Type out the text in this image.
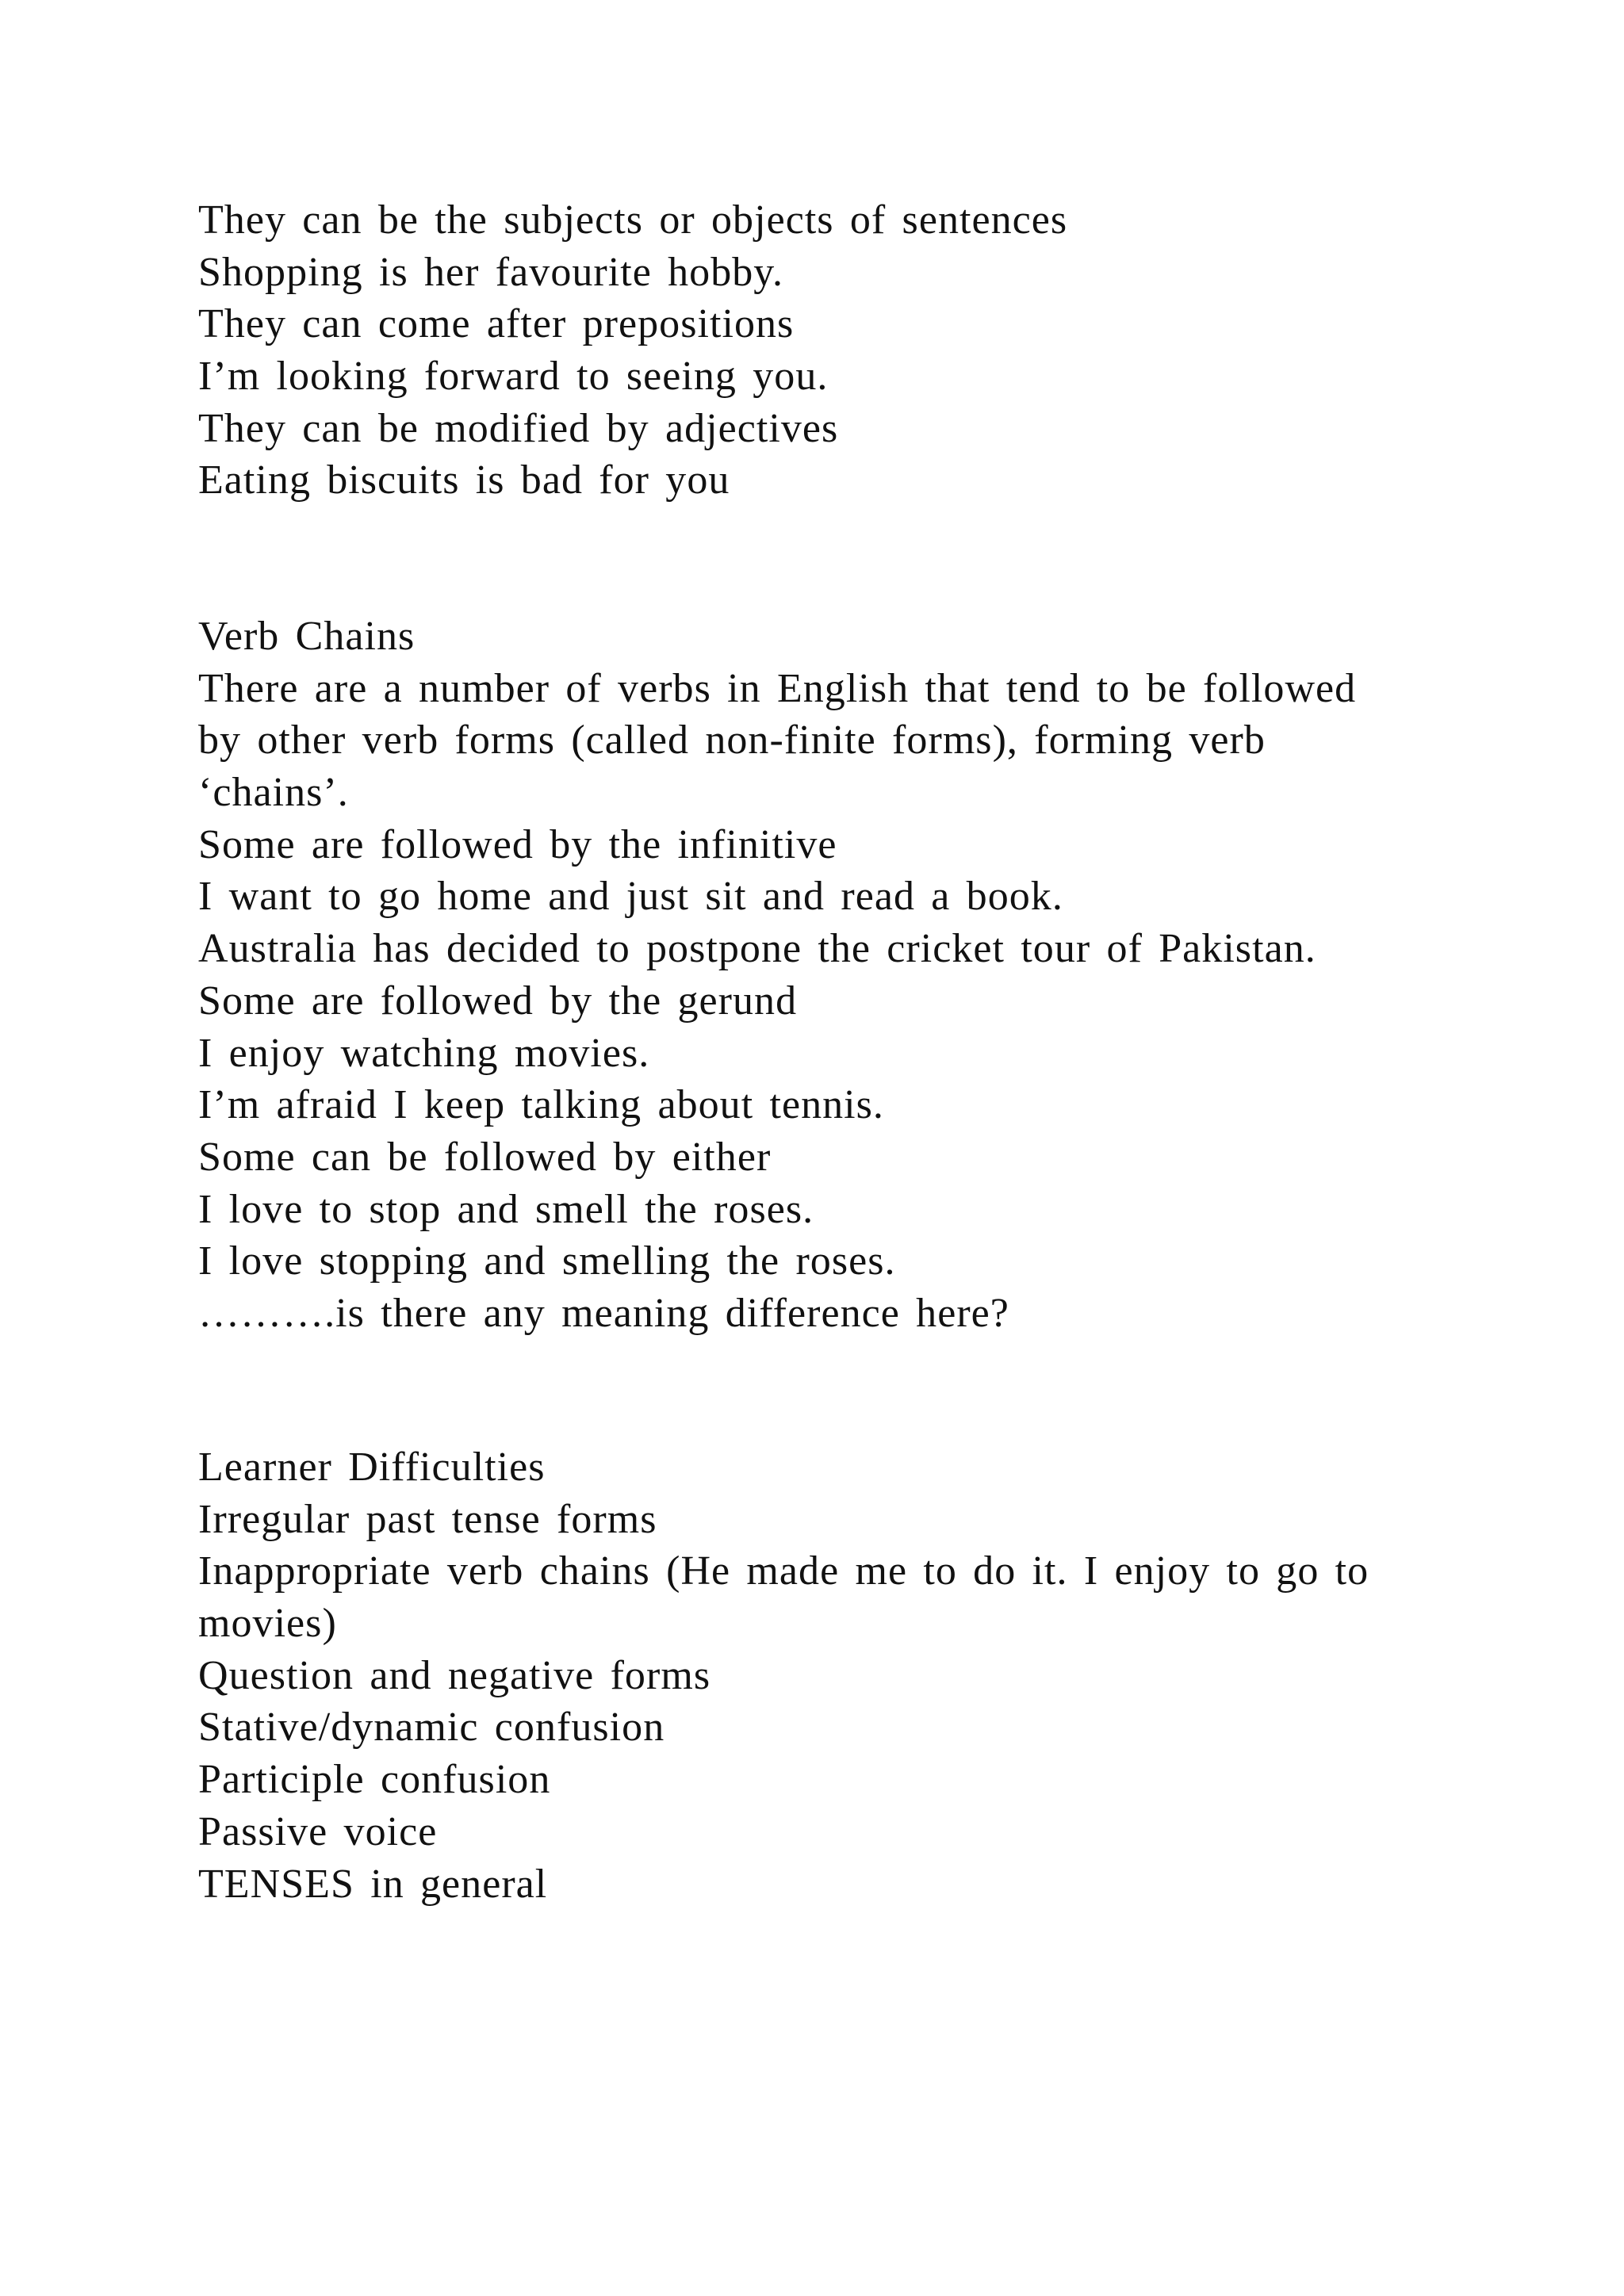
They can be the subjects or objects of sentences
Shopping is her favourite hobby.
They can come after prepositions
I’m looking forward to seeing you.
They can be modified by adjectives
Eating biscuits is bad for you
Verb Chains
There are a number of verbs in English that tend to be followed
by other verb forms (called non-finite forms), forming verb
‘chains’.
Some are followed by the infinitive
I want to go home and just sit and read a book.
Australia has decided to postpone the cricket tour of Pakistan.
Some are followed by the gerund
I enjoy watching movies.
I’m afraid I keep talking about tennis.
Some can be followed by either
I love to stop and smell the roses.
I love stopping and smelling the roses.
……….is there any meaning difference here?
Learner Difficulties
Irregular past tense forms
Inappropriate verb chains (He made me to do it. I enjoy to go to
movies)
Question and negative forms
Stative/dynamic confusion
Participle confusion
Passive voice
TENSES in general
